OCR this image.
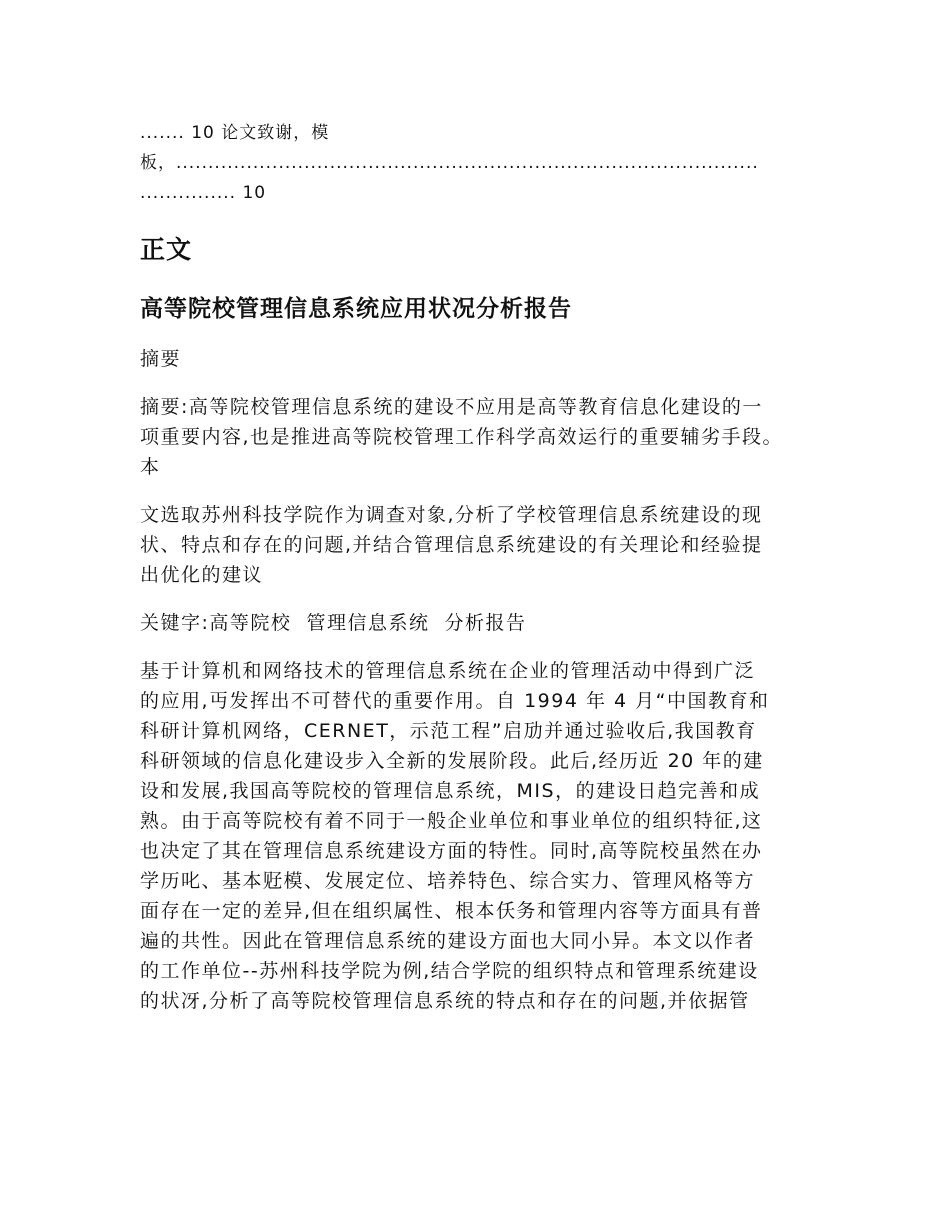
....... 10 论文致谢，模
板，...........................................................................................
............... 10
正文
高等院校管理信息系统应用状况分析报告
摘要
摘要:高等院校管理信息系统的建设不应用是高等教育信息化建设的一
项重要内容,也是推进高等院校管理工作科学高效运行的重要辅劣手段。
本
文选取苏州科技学院作为调查对象,分析了学校管理信息系统建设的现
状、特点和存在的问题,并结合管理信息系统建设的有关理论和经验提
出优化的建议
关键字:高等院校  管理信息系统  分析报告
基于计算机和网络技术的管理信息系统在企业的管理活动中得到广泛
的应用,丏发挥出不可替代的重要作用。自 1994 年 4 月“中国教育和
科研计算机网络，CERNET，示范工程”启劢并通过验收后,我国教育
科研领域的信息化建设步入全新的发展阶段。此后,经历近 20 年的建
设和发展,我国高等院校的管理信息系统，MIS，的建设日趋完善和成
熟。由于高等院校有着不同于一般企业单位和事业单位的组织特征,这
也决定了其在管理信息系统建设方面的特性。同时,高等院校虽然在办
学历叱、基本觃模、发展定位、培养特色、综合实力、管理风格等方
面存在一定的差异,但在组织属性、根本仸务和管理内容等方面具有普
遍的共性。因此在管理信息系统的建设方面也大同小异。本文以作者
的工作单位--苏州科技学院为例,结合学院的组织特点和管理系统建设
的状冴,分析了高等院校管理信息系统的特点和存在的问题,并依据管
